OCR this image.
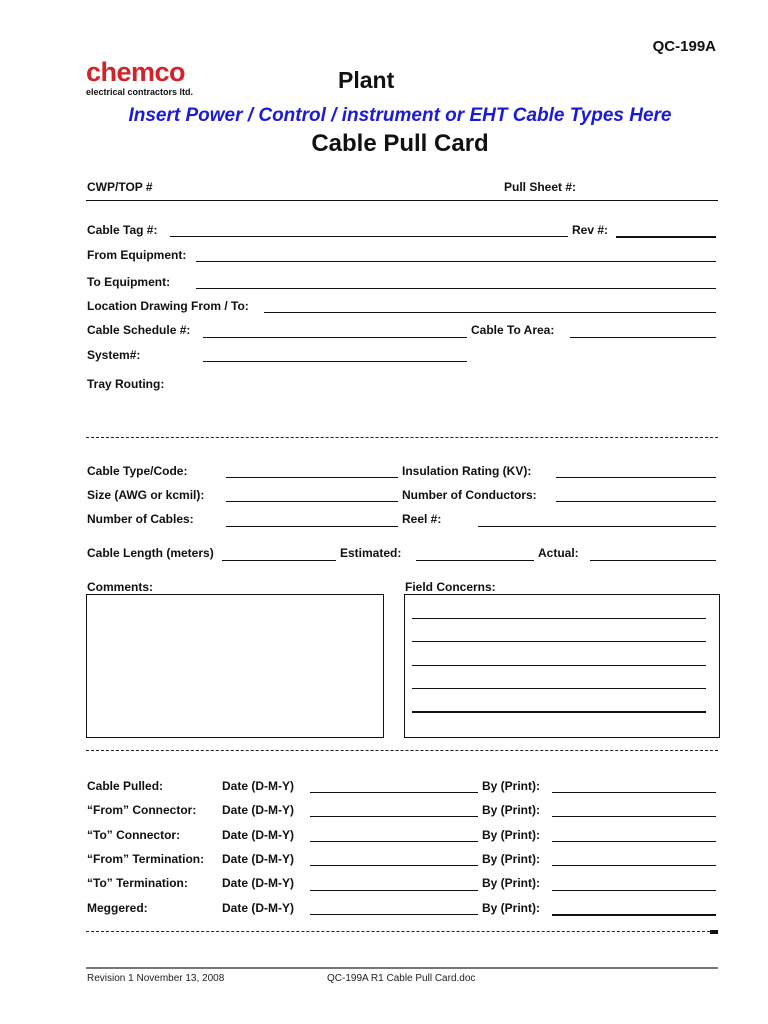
QC-199A
chemco
electrical contractors ltd.	Plant
Insert Power / Control / instrument or EHT Cable Types Here
Cable Pull Card
CWP/TOP #	Pull Sheet #:
Cable Tag #:	Rev #:
From Equipment:
To Equipment:
Location Drawing From / To:
Cable Schedule #:	Cable To Area:
System#:
Tray Routing:
Cable Type/Code:	Insulation Rating (KV):
Size (AWG or kcmil):	Number of Conductors:
Number of Cables:	Reel #:
Cable Length (meters)	Estimated:	Actual:
Comments:	Field Concerns:
Cable Pulled:	Date (D-M-Y)	By (Print):
“From” Connector: Date (D-M-Y)	By (Print):
“To” Connector:	Date (D-M-Y)	By (Print):
“From” Termination: Date (D-M-Y)	By (Print):
“To” Termination:	Date (D-M-Y)	By (Print):
Meggered:	Date (D-M-Y)	By (Print):
Revision 1 November 13, 2008	QC-199A R1 Cable Pull Card.doc
